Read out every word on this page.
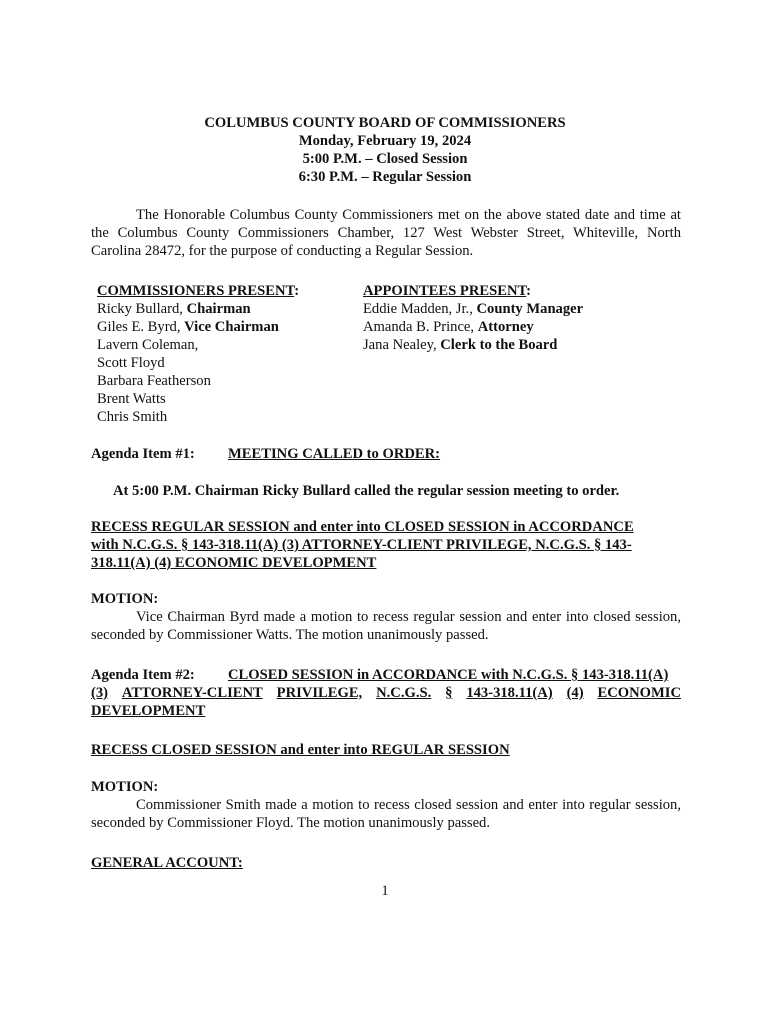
COLUMBUS COUNTY BOARD OF COMMISSIONERS
Monday, February 19, 2024
5:00 P.M. – Closed Session
6:30 P.M. – Regular Session
The Honorable Columbus County Commissioners met on the above stated date and time at the Columbus County Commissioners Chamber, 127 West Webster Street, Whiteville, North Carolina 28472, for the purpose of conducting a Regular Session.
COMMISSIONERS PRESENT:
Ricky Bullard, Chairman
Giles E. Byrd, Vice Chairman
Lavern Coleman,
Scott Floyd
Barbara Featherson
Brent Watts
Chris Smith
APPOINTEES PRESENT:
Eddie Madden, Jr., County Manager
Amanda B. Prince, Attorney
Jana Nealey, Clerk to the Board
Agenda Item #1: MEETING CALLED to ORDER:
At 5:00 P.M. Chairman Ricky Bullard called the regular session meeting to order.
RECESS REGULAR SESSION and enter into CLOSED SESSION in ACCORDANCE
with N.C.G.S. § 143-318.11(A) (3) ATTORNEY-CLIENT PRIVILEGE, N.C.G.S. § 143-
318.11(A) (4) ECONOMIC DEVELOPMENT
MOTION:
Vice Chairman Byrd made a motion to recess regular session and enter into closed session, seconded by Commissioner Watts. The motion unanimously passed.
Agenda Item #2: CLOSED SESSION in ACCORDANCE with N.C.G.S. § 143-318.11(A)
(3) ATTORNEY-CLIENT PRIVILEGE, N.C.G.S. § 143-318.11(A) (4) ECONOMIC
DEVELOPMENT
RECESS CLOSED SESSION and enter into REGULAR SESSION
MOTION:
Commissioner Smith made a motion to recess closed session and enter into regular session, seconded by Commissioner Floyd. The motion unanimously passed.
GENERAL ACCOUNT:
1
